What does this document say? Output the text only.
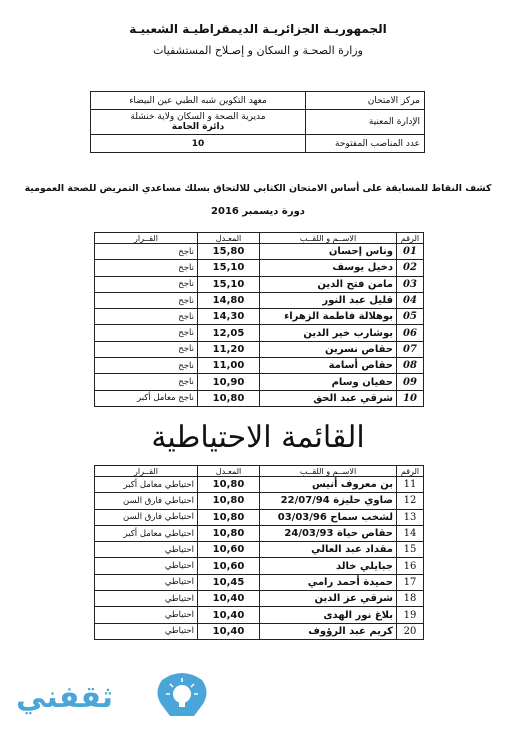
الجمهوريـة الجزائريـة الديمقراطيـة الشعبيـة
وزارة الصحـة و السكان و إصـلاح المستشفيات
مركز الامتحان	معهد التكوين شبه الطبي عين البيضاء
الإدارة المعنية	مديرية الصحة و السكان ولاية خنشلة
دائرة الحامة

عدد المناصب المفتوحة	10
كشف النقاط للمسابقة على أساس الامتحان الكتابي للالتحاق بسلك مساعدي التمريض للصحة العمومية
دورة ديسمبر 2016
الرقم	الاســم و اللقــب	المعـدل	القــرار
01	وناس إحسان	15,80	ناجح
02	دخيل يوسف	15,10	ناجح
03	مامن فتح الدين	15,10	ناجح
04	قليل عبد النور	14,80	ناجح
05	بوهلالة فاطمة الزهراء	14,30	ناجح
06	بوشارب خير الدين	12,05	ناجح
07	حقاص نسرين	11,20	ناجح
08	حقاص أسامة	11,00	ناجح
09	حفيان وسام	10,90	ناجح
10	شرقي عبد الحق	10,80	ناجح معامل أكبر
القائمة الاحتياطية
الرقم	الاســم و اللقــب	المعـدل	القــرار
11	بن معروف أنيس	10,80	احتياطي معامل أكبر
12	ضاوي حليزة 22/07/94	10,80	احتياطي فارق السن
13	لشخب سماح 03/03/96	10,80	احتياطي فارق السن
14	حقاص حياة 24/03/93	10,80	احتياطي معامل أكبر
15	مقداد عبد العالي	10,60	احتياطي
16	جبايلي خالد	10,60	احتياطي
17	حميدة أحمد رامي	10,45	احتياطي
18	شرقي عز الدين	10,40	احتياطي
19	بلاغ نور الهدى	10,40	احتياطي
20	كريم عبد الرؤوف	10,40	احتياطي
ثقفني
